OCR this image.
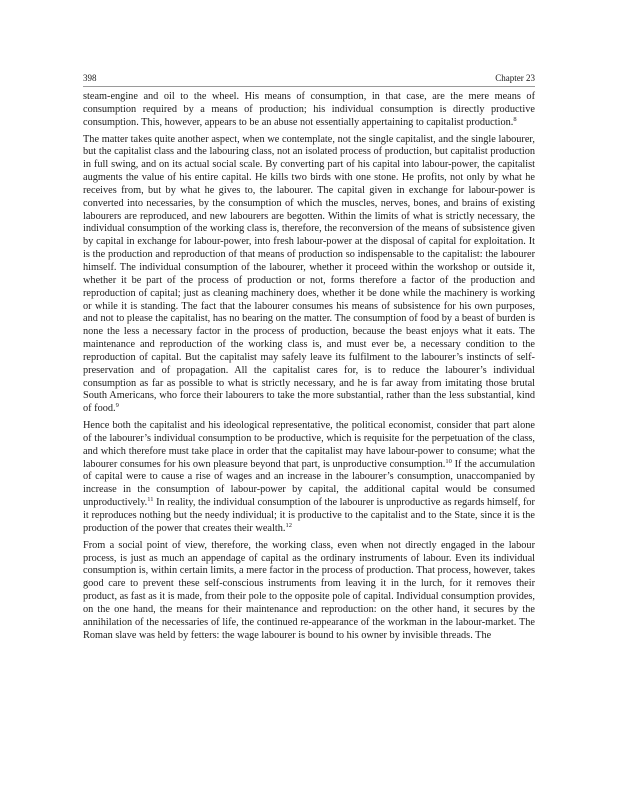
398	Chapter 23

steam-engine and oil to the wheel. His means of consumption, in that case, are the mere means of consumption required by a means of production; his individual consumption is directly productive consumption. This, however, appears to be an abuse not essentially appertaining to capitalist production.$^8$

The matter takes quite another aspect, when we contemplate, not the single capitalist, and the single labourer, but the capitalist class and the labouring class, not an isolated process of production, but capitalist production in full swing, and on its actual social scale. By converting part of his capital into labour-power, the capitalist augments the value of his entire capital. He kills two birds with one stone. He profits, not only by what he receives from, but by what he gives to, the labourer. The capital given in exchange for labour-power is converted into necessaries, by the consumption of which the muscles, nerves, bones, and brains of existing labourers are reproduced, and new labourers are begotten. Within the limits of what is strictly necessary, the individual consumption of the working class is, therefore, the reconversion of the means of subsistence given by capital in exchange for labour-power, into fresh labour-power at the disposal of capital for exploitation. It is the production and reproduction of that means of production so indispensable to the capitalist: the labourer himself. The individual consumption of the labourer, whether it proceed within the workshop or outside it, whether it be part of the process of production or not, forms therefore a factor of the production and reproduction of capital; just as cleaning machinery does, whether it be done while the machinery is working or while it is standing. The fact that the labourer consumes his means of subsistence for his own purposes, and not to please the capitalist, has no bearing on the matter. The consumption of food by a beast of burden is none the less a necessary factor in the process of production, because the beast enjoys what it eats. The maintenance and reproduction of the working class is, and must ever be, a necessary condition to the reproduction of capital. But the capitalist may safely leave its fulfilment to the labourer’s instincts of self-preservation and of propagation. All the capitalist cares for, is to reduce the labourer’s individual consumption as far as possible to what is strictly necessary, and he is far away from imitating those brutal South Americans, who force their labourers to take the more substantial, rather than the less substantial, kind of food.$^9$

Hence both the capitalist and his ideological representative, the political economist, consider that part alone of the labourer’s individual consumption to be productive, which is requisite for the perpetuation of the class, and which therefore must take place in order that the capitalist may have labour-power to consume; what the labourer consumes for his own pleasure beyond that part, is unproductive consumption.$^{10}$ If the accumulation of capital were to cause a rise of wages and an increase in the labourer’s consumption, unaccompanied by increase in the consumption of labour-power by capital, the additional capital would be consumed unproductively.$^{11}$ In reality, the individual consumption of the labourer is unproductive as regards himself, for it reproduces nothing but the needy individual; it is productive to the capitalist and to the State, since it is the production of the power that creates their wealth.$^{12}$

From a social point of view, therefore, the working class, even when not directly engaged in the labour process, is just as much an appendage of capital as the ordinary instruments of labour. Even its individual consumption is, within certain limits, a mere factor in the process of production. That process, however, takes good care to prevent these self-conscious instruments from leaving it in the lurch, for it removes their product, as fast as it is made, from their pole to the opposite pole of capital. Individual consumption provides, on the one hand, the means for their maintenance and reproduction: on the other hand, it secures by the annihilation of the necessaries of life, the continued re-appearance of the workman in the labour-market. The Roman slave was held by fetters: the wage labourer is bound to his owner by invisible threads. The
